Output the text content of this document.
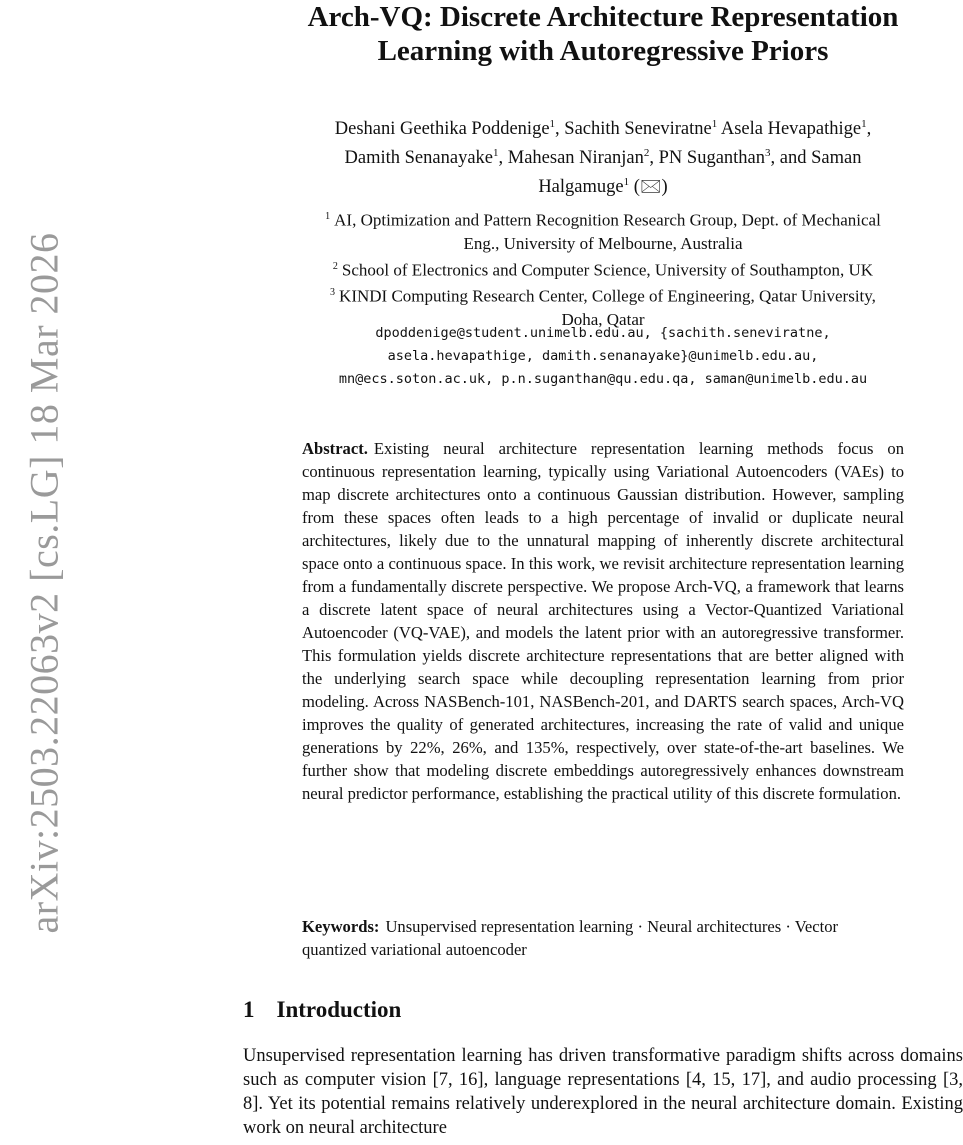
arXiv:2503.22063v2 [cs.LG] 18 Mar 2026
Arch-VQ: Discrete Architecture Representation
Learning with Autoregressive Priors
Deshani Geethika Poddenige$^1$, Sachith Seneviratne$^1$ Asela Hevapathige$^1$,
Damith Senanayake$^1$, Mahesan Niranjan$^2$, PN Suganthan$^3$, and Saman
Halgamuge$^1$ (🖂)
$^1$ AI, Optimization and Pattern Recognition Research Group, Dept. of Mechanical
Eng., University of Melbourne, Australia
$^2$ School of Electronics and Computer Science, University of Southampton, UK
$^3$ KINDI Computing Research Center, College of Engineering, Qatar University,
Doha, Qatar
dpoddenige@student.unimelb.edu.au, {sachith.seneviratne,
asela.hevapathige, damith.senanayake}@unimelb.edu.au,
mn@ecs.soton.ac.uk, p.n.suganthan@qu.edu.qa, saman@unimelb.edu.au
Abstract. Existing neural architecture representation learning methods focus on continuous representation learning, typically using Variational Autoencoders (VAEs) to map discrete architectures onto a continuous Gaussian distribution. However, sampling from these spaces often leads to a high percentage of invalid or duplicate neural architectures, likely due to the unnatural mapping of inherently discrete architectural space onto a continuous space. In this work, we revisit architecture representation learning from a fundamentally discrete perspective. We propose Arch-VQ, a framework that learns a discrete latent space of neural architectures using a Vector-Quantized Variational Autoencoder (VQ-VAE), and models the latent prior with an autoregressive transformer. This formulation yields discrete architecture representations that are better aligned with the underlying search space while decoupling representation learning from prior modeling. Across NASBench-101, NASBench-201, and DARTS search spaces, Arch-VQ improves the quality of generated architectures, increasing the rate of valid and unique generations by 22%, 26%, and 135%, respectively, over state-of-the-art baselines. We further show that modeling discrete embeddings autoregressively enhances downstream neural predictor performance, establishing the practical utility of this discrete formulation.
Keywords: Unsupervised representation learning · Neural architectures · Vector quantized variational autoencoder
1 Introduction
Unsupervised representation learning has driven transformative paradigm shifts across domains such as computer vision [7, 16], language representations [4, 15, 17], and audio processing [3, 8]. Yet its potential remains relatively underexplored in the neural architecture domain. Existing work on neural architecture
